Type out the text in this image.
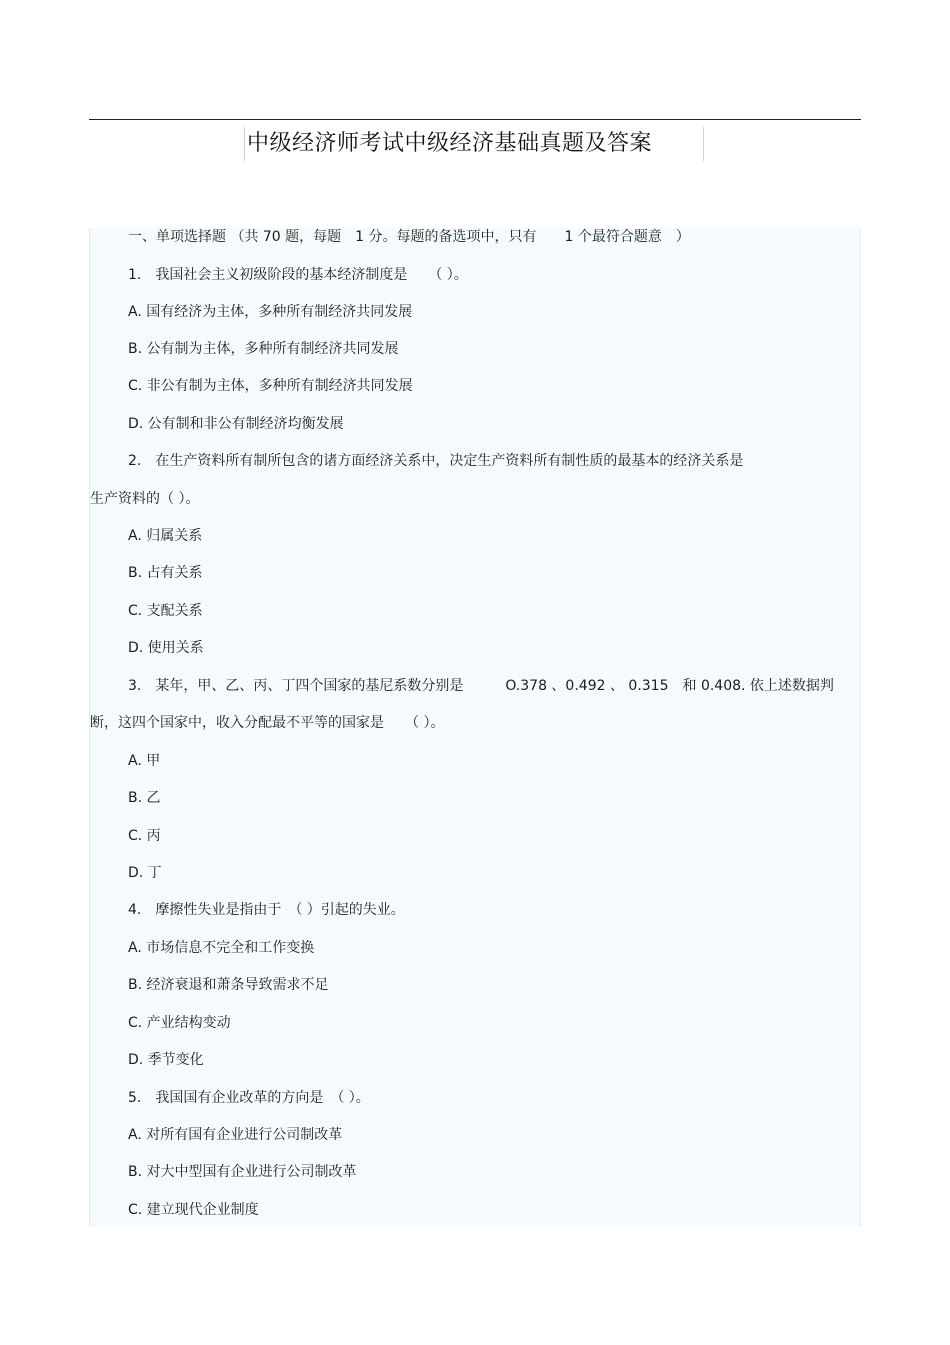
中级经济师考试中级经济基础真题及答案
一、单项选择题 （共 70 题，每题　1 分。每题的备选项中，只有　　1 个最符合题意　）
1.　我国社会主义初级阶段的基本经济制度是　　（ ）。
A. 国有经济为主体，多种所有制经济共同发展
B. 公有制为主体，多种所有制经济共同发展
C. 非公有制为主体，多种所有制经济共同发展
D. 公有制和非公有制经济均衡发展
2.　在生产资料所有制所包含的诸方面经济关系中，决定生产资料所有制性质的最基本的经济关系是
生产资料的（ ）。
A. 归属关系
B. 占有关系
C. 支配关系
D. 使用关系
3.　某年，甲、乙、丙、丁四个国家的基尼系数分别是　　　O.378 、0.492 、 0.315　和 0.408. 依上述数据判
断，这四个国家中，收入分配最不平等的国家是　　（ ）。
A. 甲
B. 乙
C. 丙
D. 丁
4.　摩擦性失业是指由于　（ ）引起的失业。
A. 市场信息不完全和工作变换
B. 经济衰退和萧条导致需求不足
C. 产业结构变动
D. 季节变化
5.　我国国有企业改革的方向是　（ ）。
A. 对所有国有企业进行公司制改革
B. 对大中型国有企业进行公司制改革
C. 建立现代企业制度
